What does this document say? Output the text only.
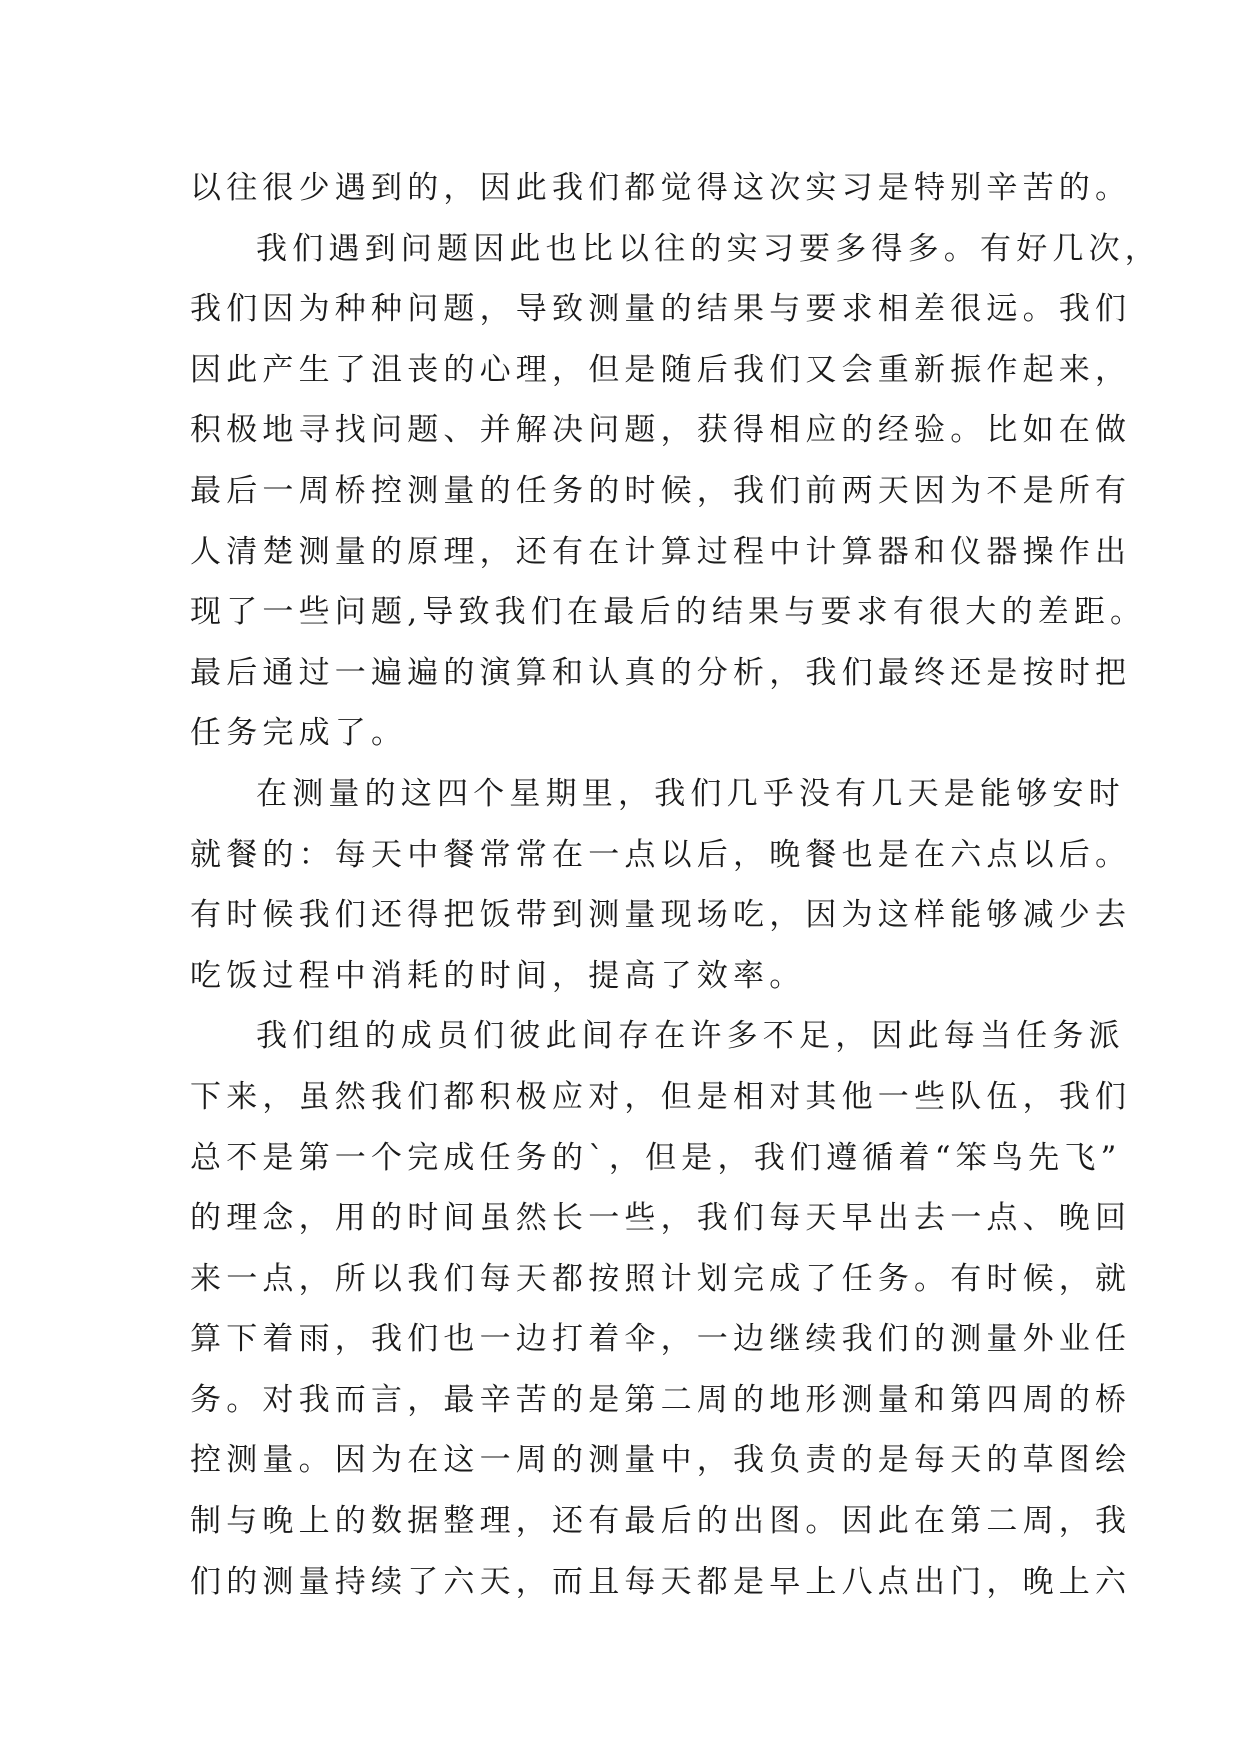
以往很少遇到的，因此我们都觉得这次实习是特别辛苦的。
我们遇到问题因此也比以往的实习要多得多。有好几次，
我们因为种种问题，导致测量的结果与要求相差很远。我们
因此产生了沮丧的心理，但是随后我们又会重新振作起来，
积极地寻找问题、并解决问题，获得相应的经验。比如在做
最后一周桥控测量的任务的时候，我们前两天因为不是所有
人清楚测量的原理，还有在计算过程中计算器和仪器操作出
现了一些问题,导致我们在最后的结果与要求有很大的差距。
最后通过一遍遍的演算和认真的分析，我们最终还是按时把
任务完成了。
在测量的这四个星期里，我们几乎没有几天是能够安时
就餐的：每天中餐常常在一点以后，晚餐也是在六点以后。
有时候我们还得把饭带到测量现场吃，因为这样能够减少去
吃饭过程中消耗的时间，提高了效率。
我们组的成员们彼此间存在许多不足，因此每当任务派
下来，虽然我们都积极应对，但是相对其他一些队伍，我们
总不是第一个完成任务的`，但是，我们遵循着“笨鸟先飞”
的理念，用的时间虽然长一些，我们每天早出去一点、晚回
来一点，所以我们每天都按照计划完成了任务。有时候，就
算下着雨，我们也一边打着伞，一边继续我们的测量外业任
务。对我而言，最辛苦的是第二周的地形测量和第四周的桥
控测量。因为在这一周的测量中，我负责的是每天的草图绘
制与晚上的数据整理，还有最后的出图。因此在第二周，我
们的测量持续了六天，而且每天都是早上八点出门，晚上六
